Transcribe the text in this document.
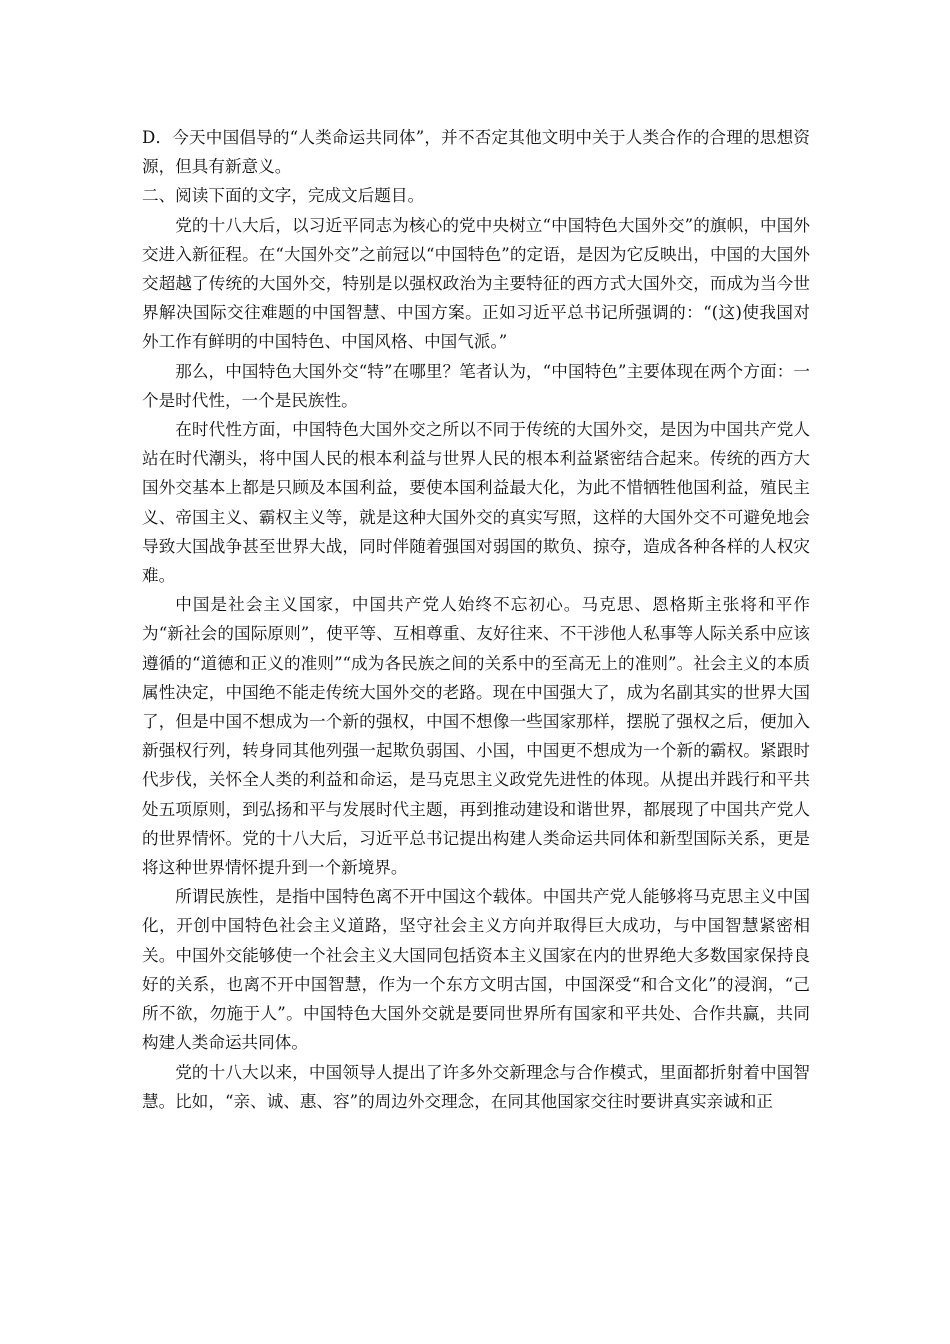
D．今天中国倡导的“人类命运共同体”，并不否定其他文明中关于人类合作的合理的思想资源，但具有新意义。

二、阅读下面的文字，完成文后题目。

党的十八大后，以习近平同志为核心的党中央树立“中国特色大国外交”的旗帜，中国外交进入新征程。在“大国外交”之前冠以“中国特色”的定语，是因为它反映出，中国的大国外交超越了传统的大国外交，特别是以强权政治为主要特征的西方式大国外交，而成为当今世界解决国际交往难题的中国智慧、中国方案。正如习近平总书记所强调的：“(这)使我国对外工作有鲜明的中国特色、中国风格、中国气派。”

那么，中国特色大国外交“特”在哪里？笔者认为，“中国特色”主要体现在两个方面：一个是时代性，一个是民族性。

在时代性方面，中国特色大国外交之所以不同于传统的大国外交，是因为中国共产党人站在时代潮头，将中国人民的根本利益与世界人民的根本利益紧密结合起来。传统的西方大国外交基本上都是只顾及本国利益，要使本国利益最大化，为此不惜牺牲他国利益，殖民主义、帝国主义、霸权主义等，就是这种大国外交的真实写照，这样的大国外交不可避免地会导致大国战争甚至世界大战，同时伴随着强国对弱国的欺负、掠夺，造成各种各样的人权灾难。

中国是社会主义国家，中国共产党人始终不忘初心。马克思、恩格斯主张将和平作为“新社会的国际原则”，使平等、互相尊重、友好往来、不干涉他人私事等人际关系中应该遵循的“道德和正义的准则”“成为各民族之间的关系中的至高无上的准则”。社会主义的本质属性决定，中国绝不能走传统大国外交的老路。现在中国强大了，成为名副其实的世界大国了，但是中国不想成为一个新的强权，中国不想像一些国家那样，摆脱了强权之后，便加入新强权行列，转身同其他列强一起欺负弱国、小国，中国更不想成为一个新的霸权。紧跟时代步伐，关怀全人类的利益和命运，是马克思主义政党先进性的体现。从提出并践行和平共处五项原则，到弘扬和平与发展时代主题，再到推动建设和谐世界，都展现了中国共产党人的世界情怀。党的十八大后，习近平总书记提出构建人类命运共同体和新型国际关系，更是将这种世界情怀提升到一个新境界。

所谓民族性，是指中国特色离不开中国这个载体。中国共产党人能够将马克思主义中国化，开创中国特色社会主义道路，坚守社会主义方向并取得巨大成功，与中国智慧紧密相关。中国外交能够使一个社会主义大国同包括资本主义国家在内的世界绝大多数国家保持良好的关系，也离不开中国智慧，作为一个东方文明古国，中国深受“和合文化”的浸润，“己所不欲，勿施于人”。中国特色大国外交就是要同世界所有国家和平共处、合作共赢，共同构建人类命运共同体。

党的十八大以来，中国领导人提出了许多外交新理念与合作模式，里面都折射着中国智慧。比如，“亲、诚、惠、容”的周边外交理念，在同其他国家交往时要讲真实亲诚和正
